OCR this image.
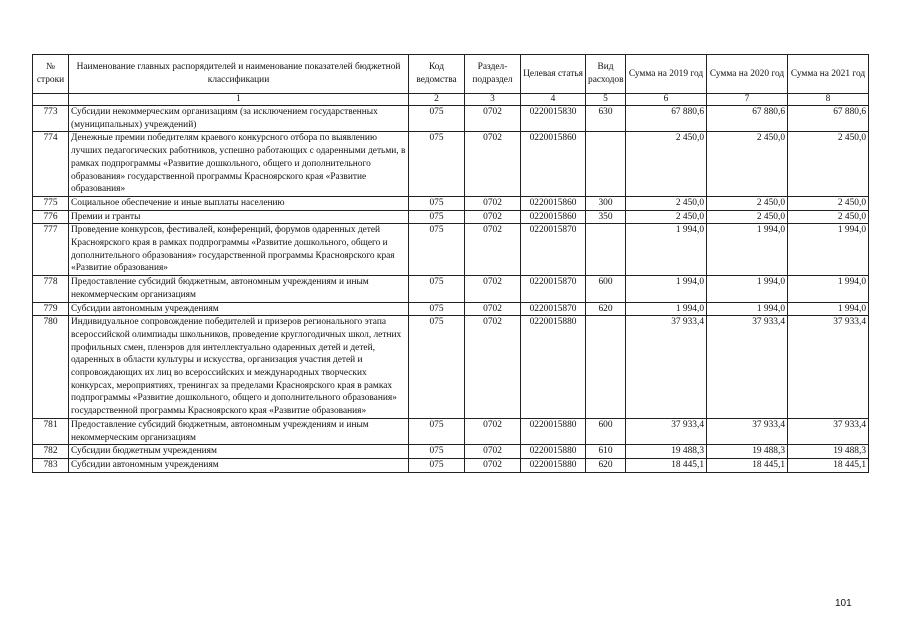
№ строки	Наименование главных распорядителей и наименование показателей бюджетной классификации	Код ведомства	Раздел-подраздел	Целевая статья	Вид расходов	Сумма на 2019 год	Сумма на 2020 год	Сумма на 2021 год
	1	2	3	4	5	6	7	8
773	Субсидии некоммерческим организациям (за исключением государственных (муниципальных) учреждений)	075	0702	0220015830	630	67 880,6	67 880,6	67 880,6
774	Денежные премии победителям краевого конкурсного отбора по выявлению лучших педагогических работников, успешно работающих с одаренными детьми, в рамках подпрограммы «Развитие дошкольного, общего и дополнительного образования» государственной программы Красноярского края «Развитие образования»	075	0702	0220015860		2 450,0	2 450,0	2 450,0
775	Социальное обеспечение и иные выплаты населению	075	0702	0220015860	300	2 450,0	2 450,0	2 450,0
776	Премии и гранты	075	0702	0220015860	350	2 450,0	2 450,0	2 450,0
777	Проведение конкурсов, фестивалей, конференций, форумов одаренных детей Красноярского края в рамках подпрограммы «Развитие дошкольного, общего и дополнительного образования» государственной программы Красноярского края «Развитие образования»	075	0702	0220015870		1 994,0	1 994,0	1 994,0
778	Предоставление субсидий бюджетным, автономным учреждениям и иным некоммерческим организациям	075	0702	0220015870	600	1 994,0	1 994,0	1 994,0
779	Субсидии автономным учреждениям	075	0702	0220015870	620	1 994,0	1 994,0	1 994,0
780	Индивидуальное сопровождение победителей и призеров регионального этапа всероссийской олимпиады школьников, проведение круглогодичных школ, летних профильных смен, пленэров для интеллектуально одаренных детей и детей, одаренных в области культуры и искусства, организация участия детей и сопровождающих их лиц во всероссийских и международных творческих конкурсах, мероприятиях, тренингах за пределами Красноярского края в рамках подпрограммы «Развитие дошкольного, общего и дополнительного образования» государственной программы Красноярского края «Развитие образования»	075	0702	0220015880		37 933,4	37 933,4	37 933,4
781	Предоставление субсидий бюджетным, автономным учреждениям и иным некоммерческим организациям	075	0702	0220015880	600	37 933,4	37 933,4	37 933,4
782	Субсидии бюджетным учреждениям	075	0702	0220015880	610	19 488,3	19 488,3	19 488,3
783	Субсидии автономным учреждениям	075	0702	0220015880	620	18 445,1	18 445,1	18 445,1
101
